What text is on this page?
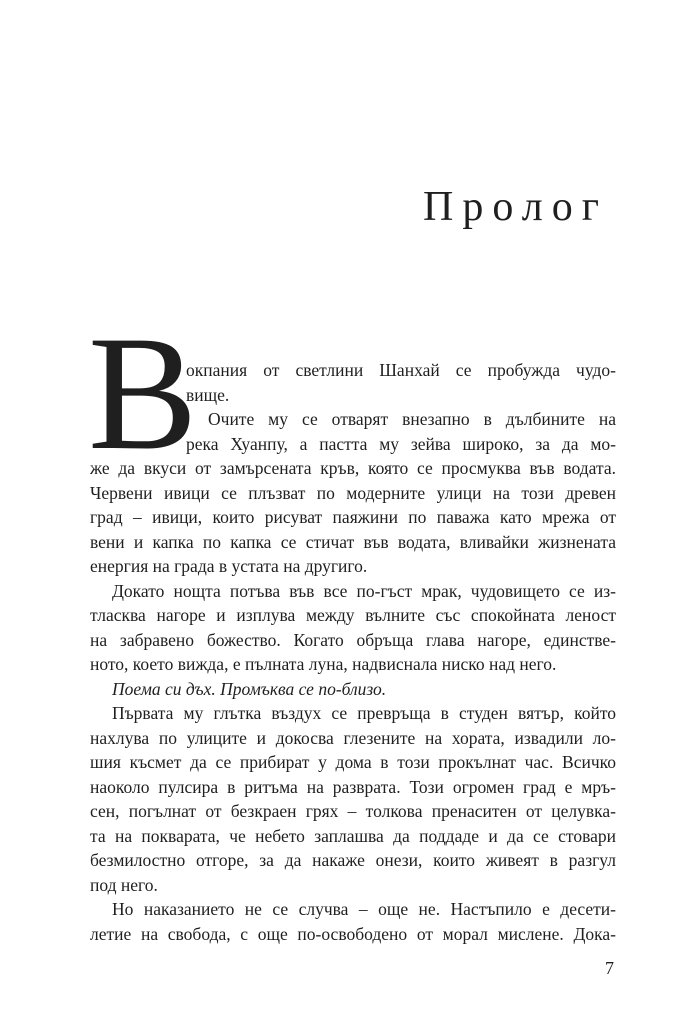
Пролог
В
окпания от светлини Шанхай се пробужда чудо-
вище.
Очите му се отварят внезапно в дълбините на
река Хуанпу, а пастта му зейва широко, за да мо-
же да вкуси от замърсената кръв, която се просмуква във водата.
Червени ивици се плъзват по модерните улици на този древен
град – ивици, които рисуват паяжини по паважа като мрежа от
вени и капка по капка се стичат във водата, вливайки жизнената
енергия на града в устата на другиго.
Докато нощта потъва във все по-гъст мрак, чудовището се из-
тласква нагоре и изплува между вълните със спокойната леност
на забравено божество. Когато обръща глава нагоре, единстве-
ното, което вижда, е пълната луна, надвиснала ниско над него.
Поема си дъх. Промъква се по-близо.
Първата му глътка въздух се превръща в студен вятър, който
нахлува по улиците и докосва глезените на хората, извадили ло-
шия късмет да се прибират у дома в този прокълнат час. Всичко
наоколо пулсира в ритъма на разврата. Този огромен град е мръ-
сен, погълнат от безкраен грях – толкова пренаситен от целувка-
та на покварата, че небето заплашва да поддаде и да се стовари
безмилостно отгоре, за да накаже онези, които живеят в разгул
под него.
Но наказанието не се случва – още не. Настъпило е десети-
летие на свобода, с още по-освободено от морал мислене. Дока-
7
